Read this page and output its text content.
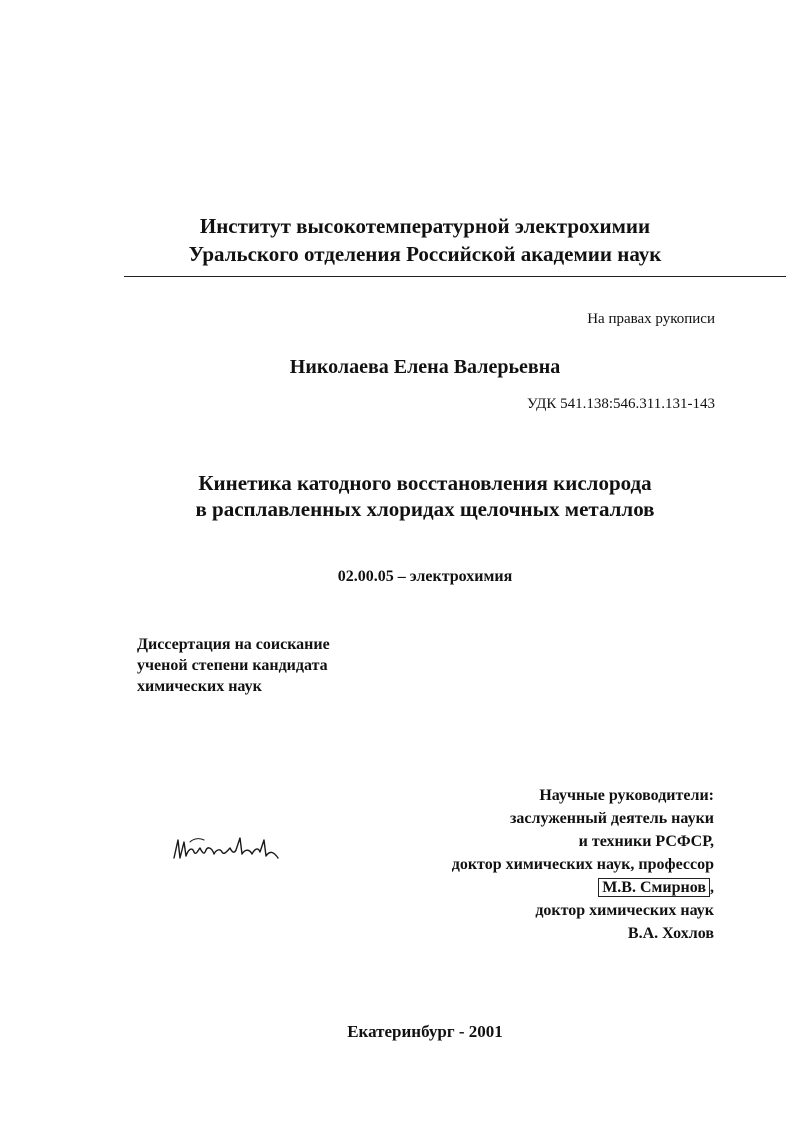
Институт высокотемпературной электрохимии
Уральского отделения Российской академии наук
На правах рукописи
Николаева Елена Валерьевна
УДК 541.138:546.311.131-143
Кинетика катодного восстановления кислорода
в расплавленных хлоридах щелочных металлов
02.00.05 – электрохимия
Диссертация на соискание
ученой степени кандидата
химических наук
Научные руководители:
заслуженный деятель науки
и техники РСФСР,
доктор химических наук, профессор
М.В. Смирнов ,
доктор химических наук
В.А. Хохлов
Екатеринбург - 2001
